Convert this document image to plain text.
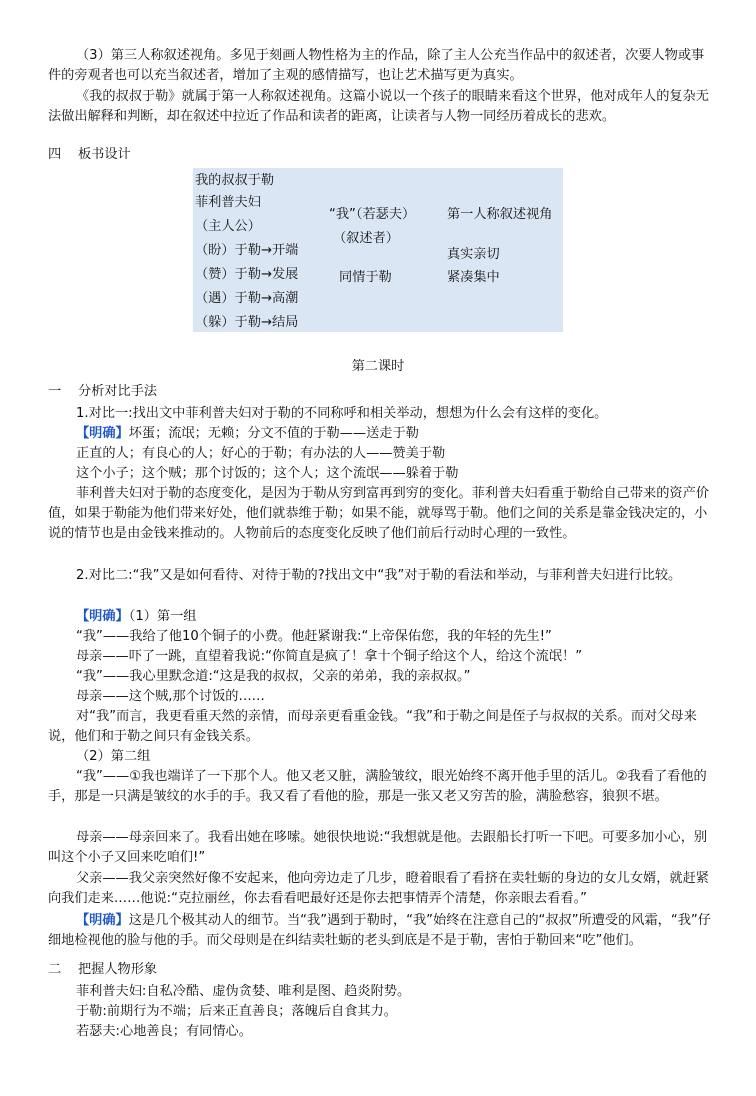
（3）第三人称叙述视角。多见于刻画人物性格为主的作品，除了主人公充当作品中的叙述者，次要人物或事件的旁观者也可以充当叙述者，增加了主观的感情描写，也让艺术描写更为真实。

《我的叔叔于勒》就属于第一人称叙述视角。这篇小说以一个孩子的眼睛来看这个世界，他对成年人的复杂无法做出解释和判断，却在叙述中拉近了作品和读者的距离，让读者与人物一同经历着成长的悲欢。

四 板书设计
我的叔叔于勒
菲利普夫妇
（主人公）
（盼）于勒→开端
（赞）于勒→发展
（遇）于勒→高潮
（躲）于勒→结局
“我”（若瑟夫）
（叙述者）
同情于勒
第一人称叙述视角
真实亲切
紧凑集中
第二课时
一 分析对比手法

1.对比一:找出文中菲利普夫妇对于勒的不同称呼和相关举动，想想为什么会有这样的变化。

【明确】坏蛋；流氓；无赖；分文不值的于勒——送走于勒

正直的人；有良心的人；好心的于勒；有办法的人——赞美于勒

这个小子；这个贼；那个讨饭的；这个人；这个流氓——躲着于勒

菲利普夫妇对于勒的态度变化，是因为于勒从穷到富再到穷的变化。菲利普夫妇看重于勒给自己带来的资产价值，如果于勒能为他们带来好处，他们就恭维于勒；如果不能，就辱骂于勒。他们之间的关系是靠金钱决定的，小说的情节也是由金钱来推动的。人物前后的态度变化反映了他们前后行动时心理的一致性。

2.对比二:“我”又是如何看待、对待于勒的?找出文中“我”对于勒的看法和举动，与菲利普夫妇进行比较。

【明确】（1）第一组

“我”——我给了他10个铜子的小费。他赶紧谢我:“上帝保佑您，我的年轻的先生!”

母亲——吓了一跳，直望着我说:“你简直是疯了！拿十个铜子给这个人，给这个流氓！”

“我”——我心里默念道:“这是我的叔叔，父亲的弟弟，我的亲叔叔。”

母亲——这个贼,那个讨饭的……

对“我”而言，我更看重天然的亲情，而母亲更看重金钱。“我”和于勒之间是侄子与叔叔的关系。而对父母来说，他们和于勒之间只有金钱关系。

（2）第二组

“我”——①我也端详了一下那个人。他又老又脏，满脸皱纹，眼光始终不离开他手里的活儿。②我看了看他的手，那是一只满是皱纹的水手的手。我又看了看他的脸，那是一张又老又穷苦的脸，满脸愁容，狼狈不堪。

母亲——母亲回来了。我看出她在哆嗦。她很快地说:“我想就是他。去跟船长打听一下吧。可要多加小心，别叫这个小子又回来吃咱们!”

父亲——我父亲突然好像不安起来，他向旁边走了几步，瞪着眼看了看挤在卖牡蛎的身边的女儿女婿，就赶紧向我们走来……他说:“克拉丽丝，你去看看吧最好还是你去把事情弄个清楚，你亲眼去看看。”

【明确】这是几个极其动人的细节。当“我”遇到于勒时，“我”始终在注意自己的“叔叔”所遭受的风霜，“我”仔细地检视他的脸与他的手。而父母则是在纠结卖牡蛎的老头到底是不是于勒，害怕于勒回来“吃”他们。

二 把握人物形象

菲利普夫妇:自私冷酷、虚伪贪婪、唯利是图、趋炎附势。

于勒:前期行为不端；后来正直善良；落魄后自食其力。

若瑟夫:心地善良；有同情心。
